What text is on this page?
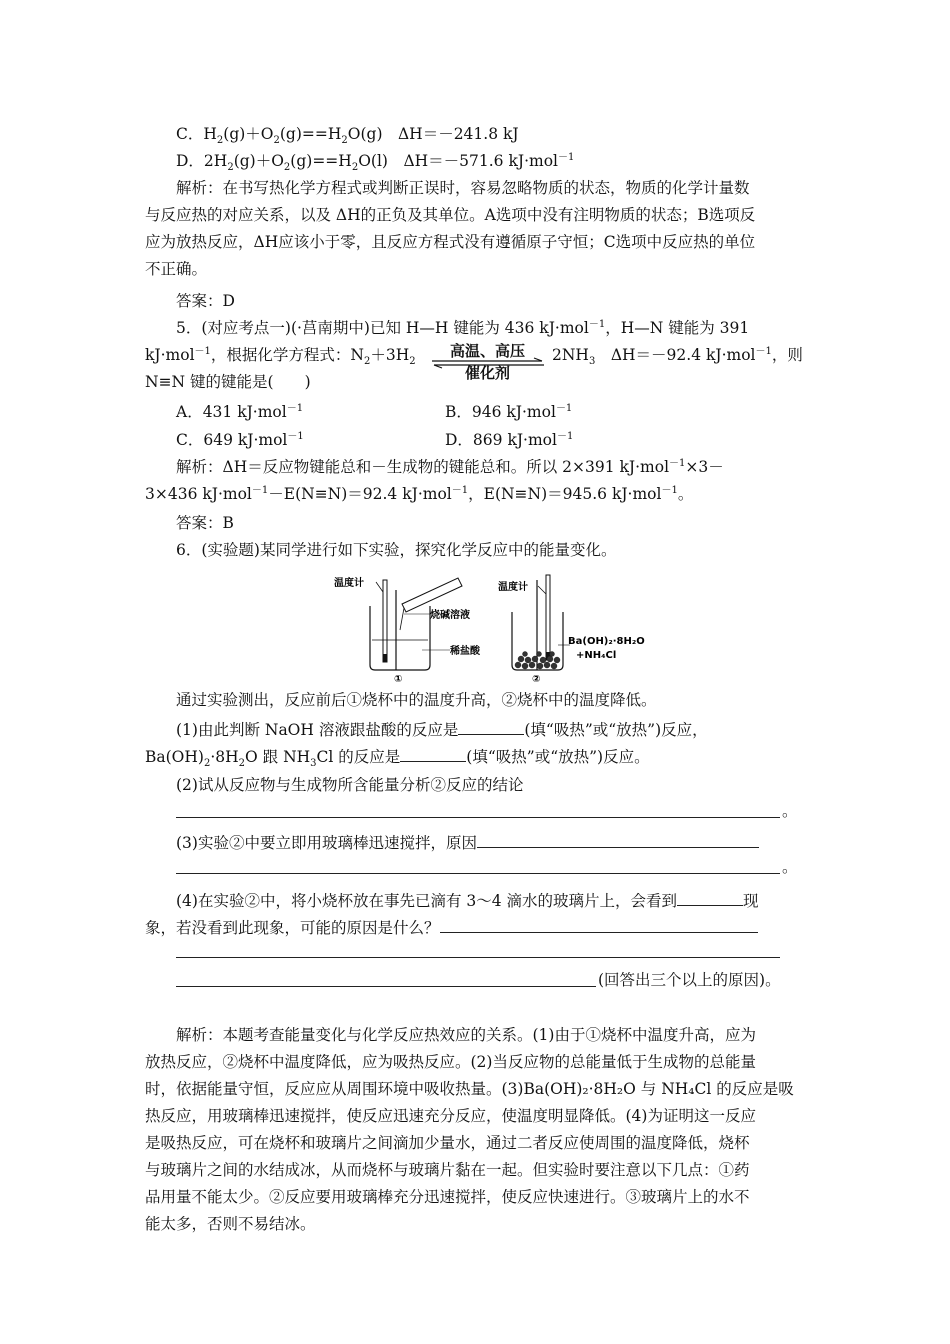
C．$H_2(g)+O_2(g)==H_2O(g)$　ΔH＝－241.8 kJ
D．$2H_2(g)+O_2(g)==H_2O(l)$　ΔH＝－571.6 kJ·mol$^{-1}$
解析：在书写热化学方程式或判断正误时，容易忽略物质的状态，物质的化学计量数
与反应热的对应关系，以及 ΔH的正负及其单位。A选项中没有注明物质的状态；B选项反
应为放热反应，ΔH应该小于零，且反应方程式没有遵循原子守恒；C选项中反应热的单位
不正确。
答案：D
5．(对应考点一)(·莒南期中)已知 H—H 键能为 436 kJ·mol$^{-1}$，H—N 键能为 391
kJ·mol$^{-1}$，根据化学方程式：$N_2+3H_2$
高温、高压
催化剂
$2NH_3$　ΔH＝－92.4 kJ·mol$^{-1}$，则
N≡N 键的键能是(　　)
A．431 kJ·mol$^{-1}$	B．946 kJ·mol$^{-1}$
C．649 kJ·mol$^{-1}$	D．869 kJ·mol$^{-1}$
解析：ΔH＝反应物键能总和－生成物的键能总和。所以 2×391 kJ·mol$^{-1}$×3－
3×436 kJ·mol$^{-1}$－E(N≡N)＝92.4 kJ·mol$^{-1}$，E(N≡N)＝945.6 kJ·mol$^{-1}$。
答案：B
6．(实验题)某同学进行如下实验，探究化学反应中的能量变化。
温度计
烧碱溶液
稀盐酸
①
温度计
Ba(OH)₂·8H₂O
+NH₄Cl
②
通过实验测出，反应前后①烧杯中的温度升高，②烧杯中的温度降低。
(1)由此判断 NaOH 溶液跟盐酸的反应是	(填“吸热”或“放热”)反应，
$Ba(OH)_2\cdot 8H_2O$ 跟 $NH_3Cl$ 的反应是	(填“吸热”或“放热”)反应。
(2)试从反应物与生成物所含能量分析②反应的结论
。
(3)实验②中要立即用玻璃棒迅速搅拌，原因
。
(4)在实验②中，将小烧杯放在事先已滴有 3～4 滴水的玻璃片上，会看到	现
象，若没看到此现象，可能的原因是什么？
(回答出三个以上的原因)。
解析：本题考查能量变化与化学反应热效应的关系。(1)由于①烧杯中温度升高，应为
放热反应，②烧杯中温度降低，应为吸热反应。(2)当反应物的总能量低于生成物的总能量
时，依据能量守恒，反应应从周围环境中吸收热量。(3)Ba(OH)₂·8H₂O 与 NH₄Cl 的反应是吸
热反应，用玻璃棒迅速搅拌，使反应迅速充分反应，使温度明显降低。(4)为证明这一反应
是吸热反应，可在烧杯和玻璃片之间滴加少量水，通过二者反应使周围的温度降低，烧杯
与玻璃片之间的水结成冰，从而烧杯与玻璃片黏在一起。但实验时要注意以下几点：①药
品用量不能太少。②反应要用玻璃棒充分迅速搅拌，使反应快速进行。③玻璃片上的水不
能太多，否则不易结冰。
